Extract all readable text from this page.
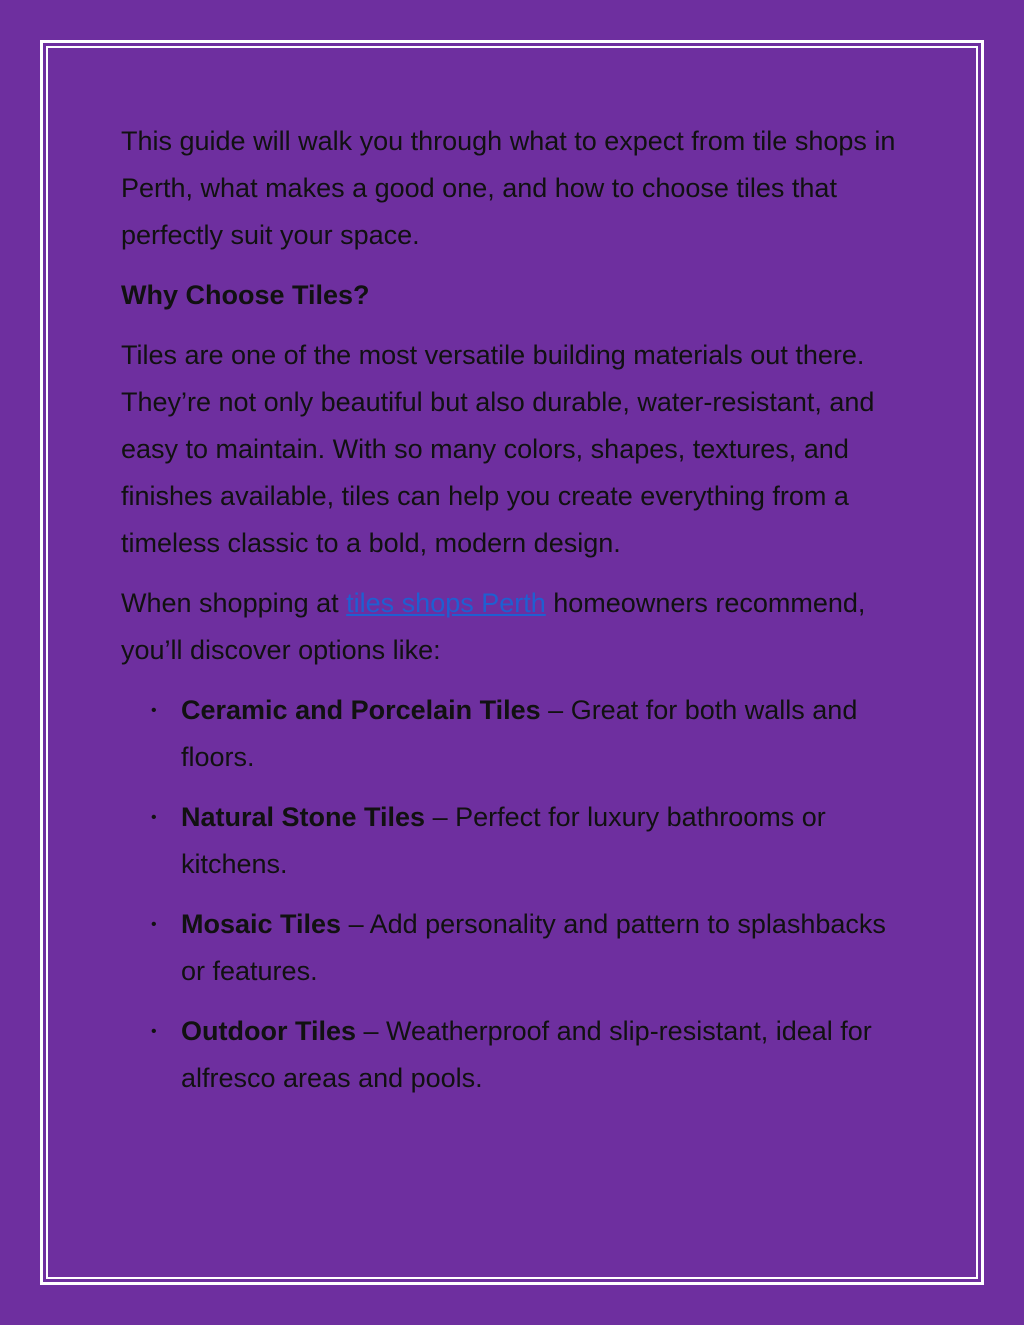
This guide will walk you through what to expect from tile shops in Perth, what makes a good one, and how to choose tiles that perfectly suit your space.

Why Choose Tiles?

Tiles are one of the most versatile building materials out there. They’re not only beautiful but also durable, water-resistant, and easy to maintain. With so many colors, shapes, textures, and finishes available, tiles can help you create everything from a timeless classic to a bold, modern design.

When shopping at tiles shops Perth homeowners recommend, you’ll discover options like:

• Ceramic and Porcelain Tiles – Great for both walls and floors.
• Natural Stone Tiles – Perfect for luxury bathrooms or kitchens.
• Mosaic Tiles – Add personality and pattern to splashbacks or features.
• Outdoor Tiles – Weatherproof and slip-resistant, ideal for alfresco areas and pools.
